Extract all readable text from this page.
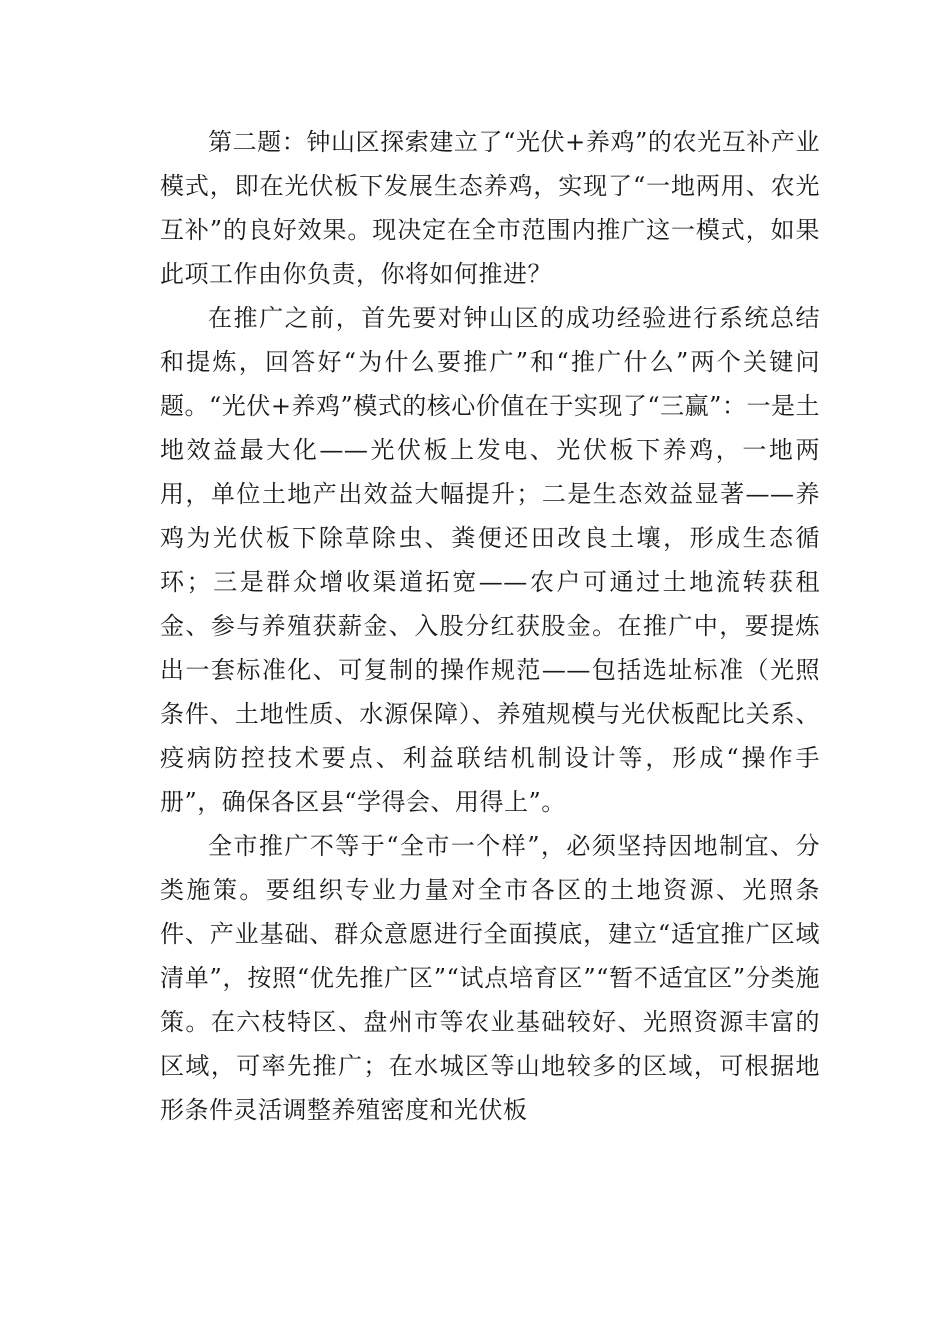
第二题：钟山区探索建立了“光伏+养鸡”的农光互补产业模式，即在光伏板下发展生态养鸡，实现了“一地两用、农光互补”的良好效果。现决定在全市范围内推广这一模式，如果此项工作由你负责，你将如何推进？

在推广之前，首先要对钟山区的成功经验进行系统总结和提炼，回答好“为什么要推广”和“推广什么”两个关键问题。“光伏+养鸡”模式的核心价值在于实现了“三赢”：一是土地效益最大化——光伏板上发电、光伏板下养鸡，一地两用，单位土地产出效益大幅提升；二是生态效益显著——养鸡为光伏板下除草除虫、粪便还田改良土壤，形成生态循环；三是群众增收渠道拓宽——农户可通过土地流转获租金、参与养殖获薪金、入股分红获股金。在推广中，要提炼出一套标准化、可复制的操作规范——包括选址标准（光照条件、土地性质、水源保障）、养殖规模与光伏板配比关系、疫病防控技术要点、利益联结机制设计等，形成“操作手册”，确保各区县“学得会、用得上”。

全市推广不等于“全市一个样”，必须坚持因地制宜、分类施策。要组织专业力量对全市各区的土地资源、光照条件、产业基础、群众意愿进行全面摸底，建立“适宜推广区域清单”，按照“优先推广区”“试点培育区”“暂不适宜区”分类施策。在六枝特区、盘州市等农业基础较好、光照资源丰富的区域，可率先推广；在水城区等山地较多的区域，可根据地形条件灵活调整养殖密度和光伏板
